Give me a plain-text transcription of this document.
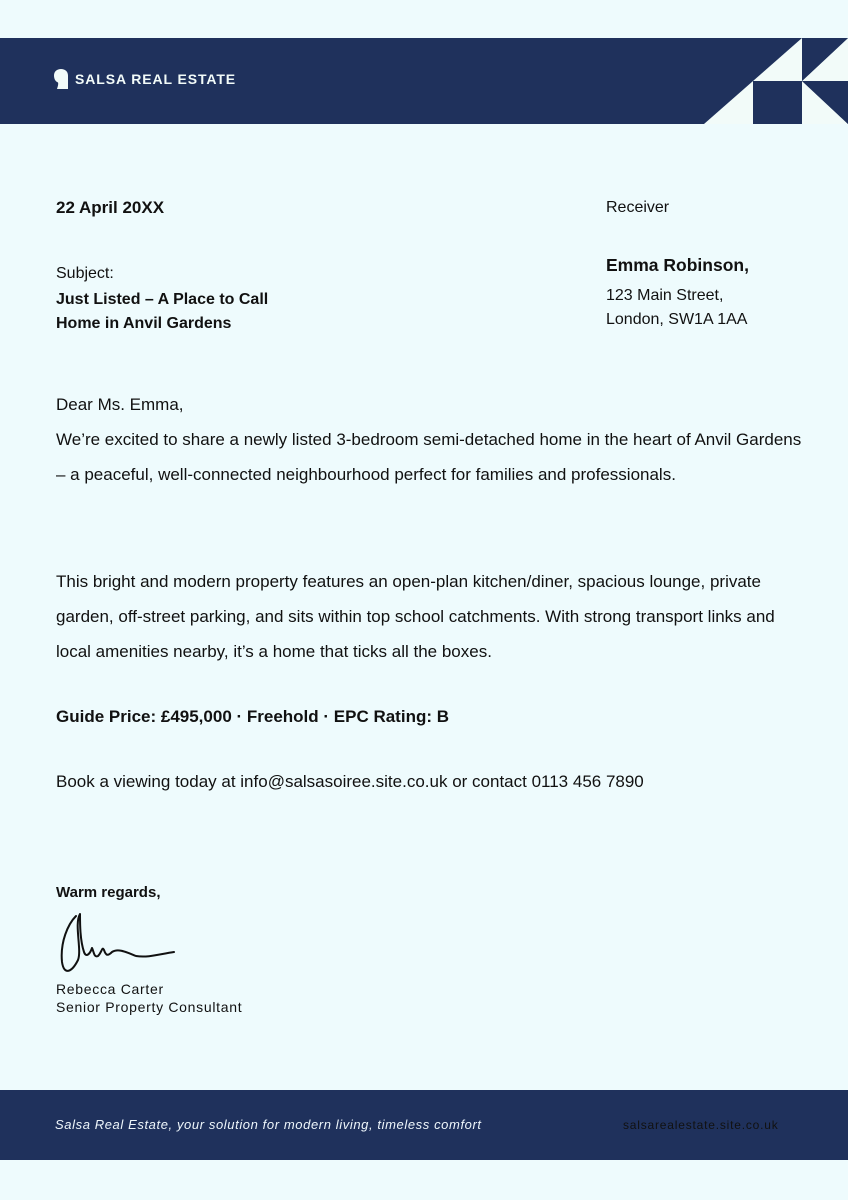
SALSA REAL ESTATE
22 April 20XX
Subject:
Just Listed – A Place to Call Home in Anvil Gardens
Receiver
Emma Robinson,
123 Main Street,
London, SW1A 1AA
Dear Ms. Emma,

We’re excited to share a newly listed 3-bedroom semi-detached home in the heart of Anvil Gardens – a peaceful, well-connected neighbourhood perfect for families and professionals.

This bright and modern property features an open-plan kitchen/diner, spacious lounge, private garden, off-street parking, and sits within top school catchments. With strong transport links and local amenities nearby, it’s a home that ticks all the boxes.

Guide Price: £495,000 · Freehold · EPC Rating: B
Book a viewing today at info@salsasoiree.site.co.uk or contact 0113 456 7890
Warm regards,
Rebecca Carter
Senior Property Consultant
Salsa Real Estate, your solution for modern living, timeless comfort	salsarealestate.site.co.uk
